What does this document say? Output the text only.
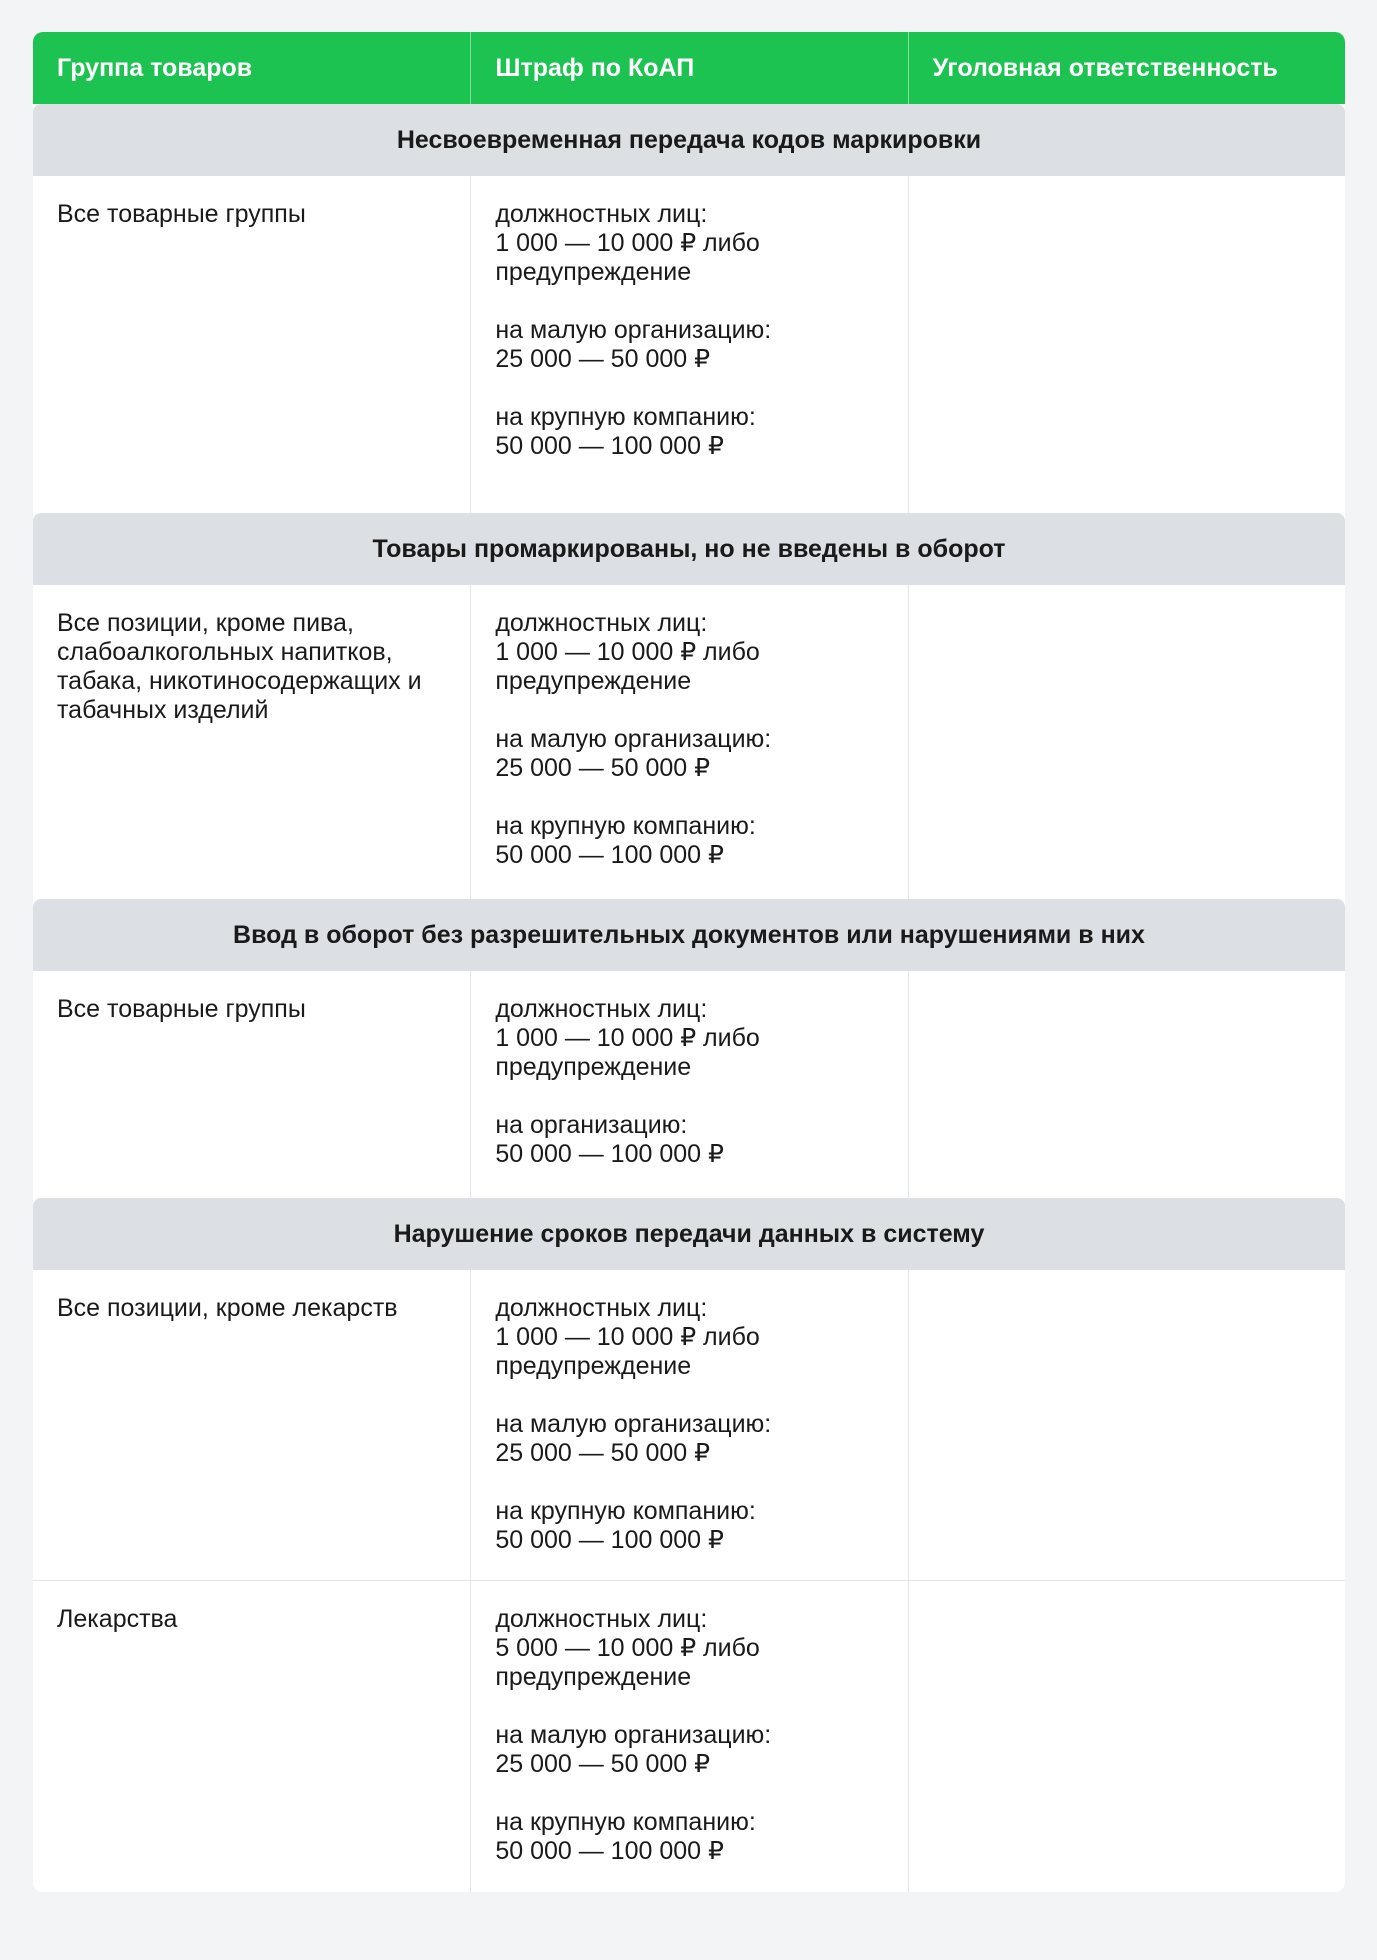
Группа товаров	Штраф по КоАП	Уголовная ответственность
Несвоевременная передача кодов маркировки
Все товарные группы	должностных лиц:
1 000 — 10 000 ₽ либо
предупреждение

на малую организацию:
25 000 — 50 000 ₽

на крупную компанию:
50 000 — 100 000 ₽

Товары промаркированы, но не введены в оборот
Все позиции, кроме пива, слабоалкогольных напитков, табака, никотиносодержащих и табачных изделий

должностных лиц:
1 000 — 10 000 ₽ либо
предупреждение

на малую организацию:
25 000 — 50 000 ₽

на крупную компанию:
50 000 — 100 000 ₽

Ввод в оборот без разрешительных документов или нарушениями в них
Все товарные группы	должностных лиц:
1 000 — 10 000 ₽ либо
предупреждение

на организацию:
50 000 — 100 000 ₽

Нарушение сроков передачи данных в систему
Все позиции, кроме лекарств	должностных лиц:
1 000 — 10 000 ₽ либо
предупреждение

на малую организацию:
25 000 — 50 000 ₽

на крупную компанию:
50 000 — 100 000 ₽

Лекарства	должностных лиц:
5 000 — 10 000 ₽ либо
предупреждение

на малую организацию:
25 000 — 50 000 ₽

на крупную компанию:
50 000 — 100 000 ₽
